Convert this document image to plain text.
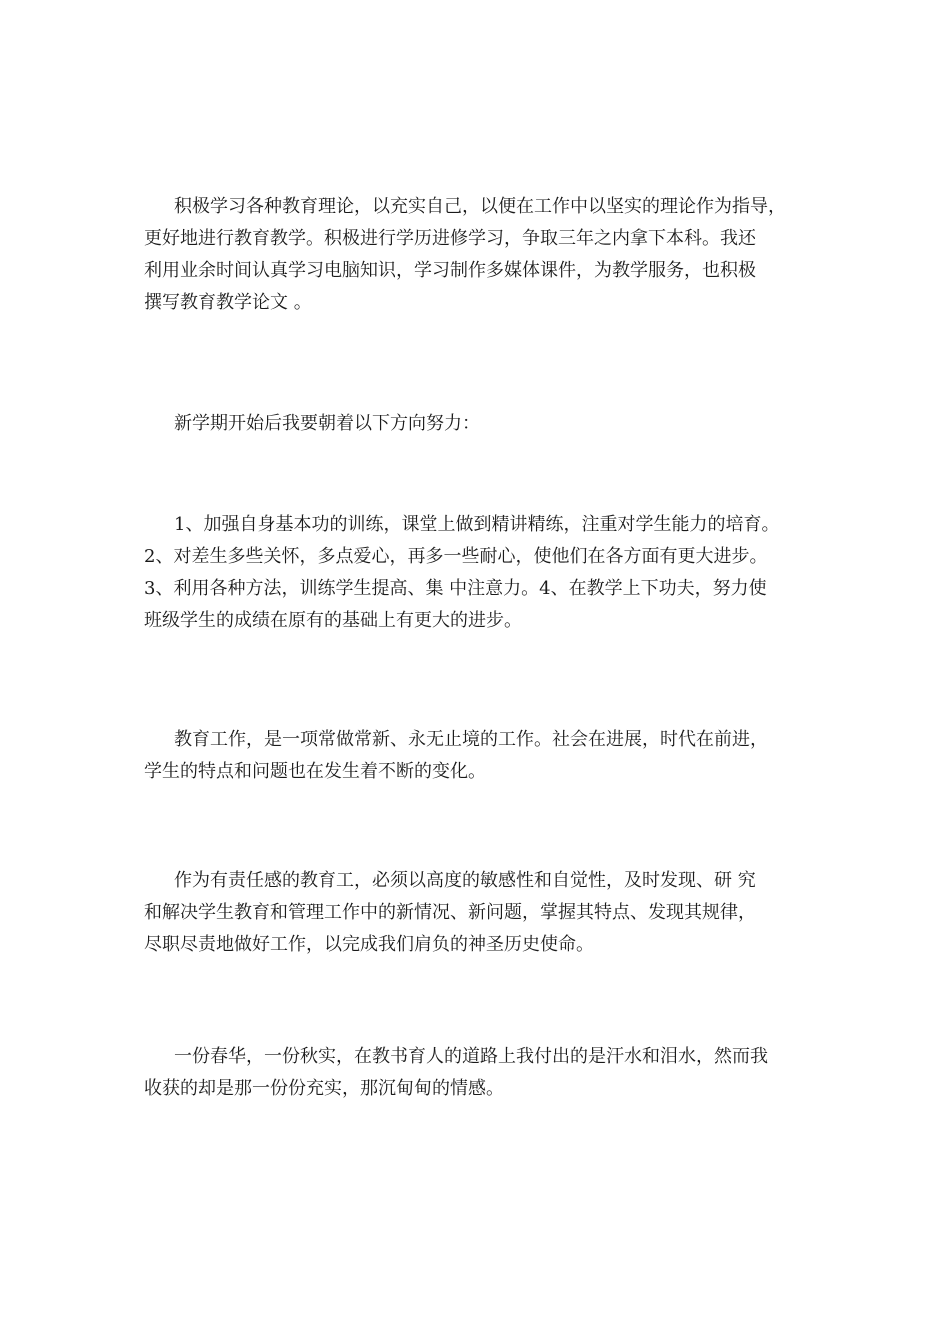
积极学习各种教育理论，以充实自己，以便在工作中以坚实的理论作为指导，
更好地进行教育教学。积极进行学历进修学习，争取三年之内拿下本科。我还
利用业余时间认真学习电脑知识，学习制作多媒体课件，为教学服务，也积极
撰写教育教学论文 。

新学期开始后我要朝着以下方向努力：

1、加强自身基本功的训练，课堂上做到精讲精练，注重对学生能力的培育。
2、对差生多些关怀，多点爱心，再多一些耐心，使他们在各方面有更大进步。
3、利用各种方法，训练学生提高、集 中注意力。4、在教学上下功夫，努力使
班级学生的成绩在原有的基础上有更大的进步。

教育工作，是一项常做常新、永无止境的工作。社会在进展，时代在前进，
学生的特点和问题也在发生着不断的变化。

作为有责任感的教育工，必须以高度的敏感性和自觉性，及时发现、研 究
和解决学生教育和管理工作中的新情况、新问题，掌握其特点、发现其规律，
尽职尽责地做好工作，以完成我们肩负的神圣历史使命。

一份春华，一份秋实，在教书育人的道路上我付出的是汗水和泪水，然而我
收获的却是那一份份充实，那沉甸甸的情感。
